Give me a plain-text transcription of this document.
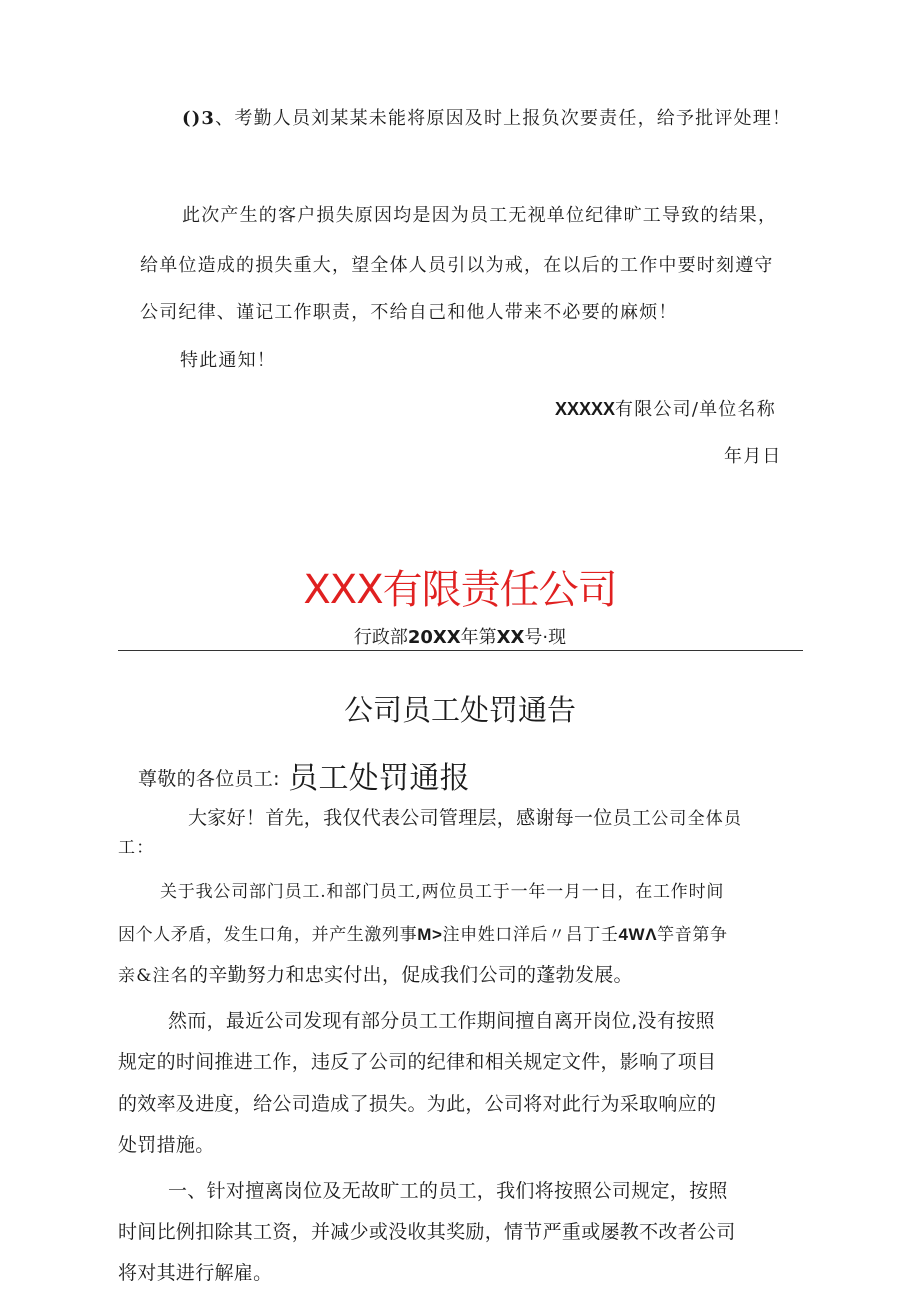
()3、考勤人员刘某某未能将原因及时上报负次要责任，给予批评处理！

此次产生的客户损失原因均是因为员工无视单位纪律旷工导致的结果，

给单位造成的损失重大，望全体人员引以为戒，在以后的工作中要时刻遵守

公司纪律、谨记工作职责，不给自己和他人带来不必要的麻烦！

特此通知！

XXXXX有限公司/单位名称

年月日

XXX有限责任公司
行政部20XX年第XX号·现
公司员工处罚通告

尊敬的各位员工: 员工处罚通报

大家好！首先，我仅代表公司管理层，感谢每一位员工公司全体员

工：

关于我公司部门员工.和部门员工,两位员工于一年一月一日，在工作时间

因个人矛盾，发生口角，并产生激列事M>注申姓口洋后〃吕丁壬4WΛ竽音第争

亲&注名的辛勤努力和忠实付出，促成我们公司的蓬勃发展。

然而，最近公司发现有部分员工工作期间擅自离开岗位,没有按照

规定的时间推进工作，违反了公司的纪律和相关规定文件，影响了项目

的效率及进度，给公司造成了损失。为此，公司将对此行为采取响应的

处罚措施。

一、针对擅离岗位及无故旷工的员工，我们将按照公司规定，按照

时间比例扣除其工资，并减少或没收其奖励，情节严重或屡教不改者公司

将对其进行解雇。
